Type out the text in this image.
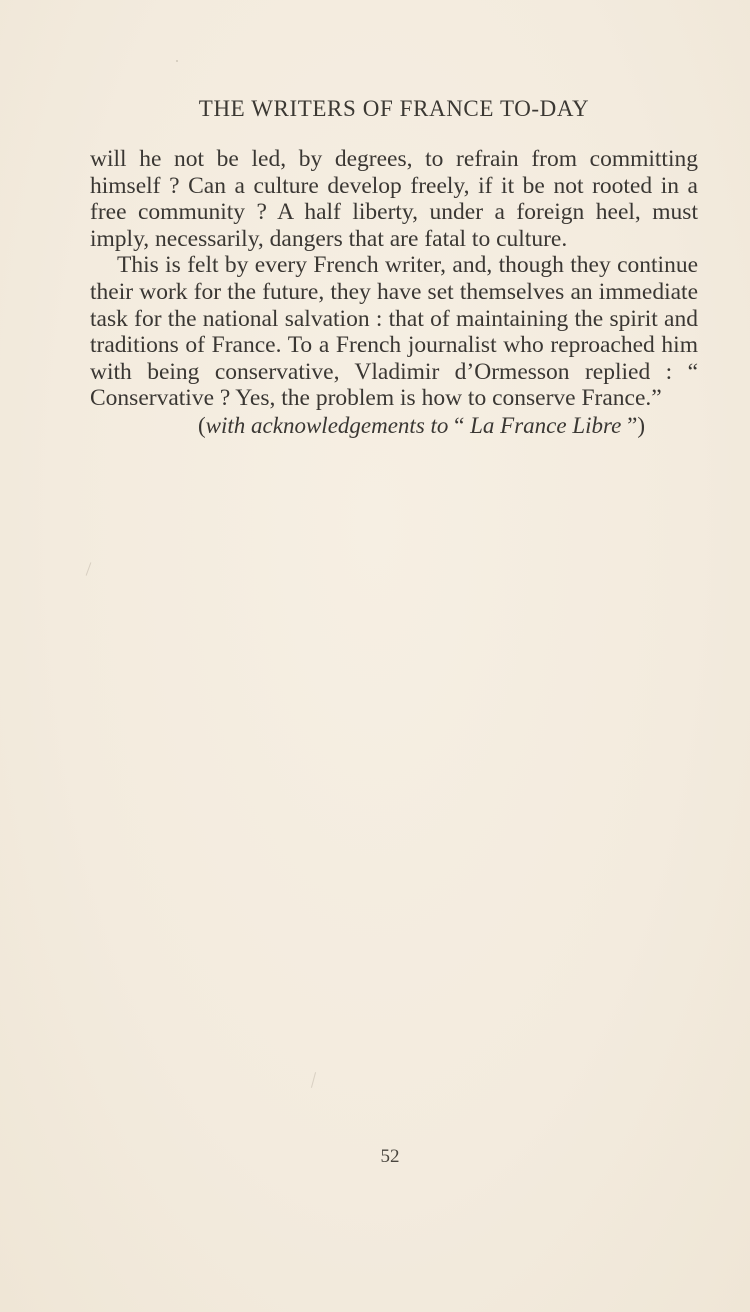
THE WRITERS OF FRANCE TO-DAY

will he not be led, by degrees, to refrain from committing himself ? Can a culture develop freely, if it be not rooted in a free community ? A half liberty, under a foreign heel, must imply, necessarily, dangers that are fatal to culture.

This is felt by every French writer, and, though they continue their work for the future, they have set themselves an immediate task for the national salvation : that of maintaining the spirit and traditions of France. To a French journalist who reproached him with being conservative, Vladimir d’Ormesson replied : “ Conservative ? Yes, the problem is how to conserve France.”

(with acknowledgements to “ La France Libre ”)

52
